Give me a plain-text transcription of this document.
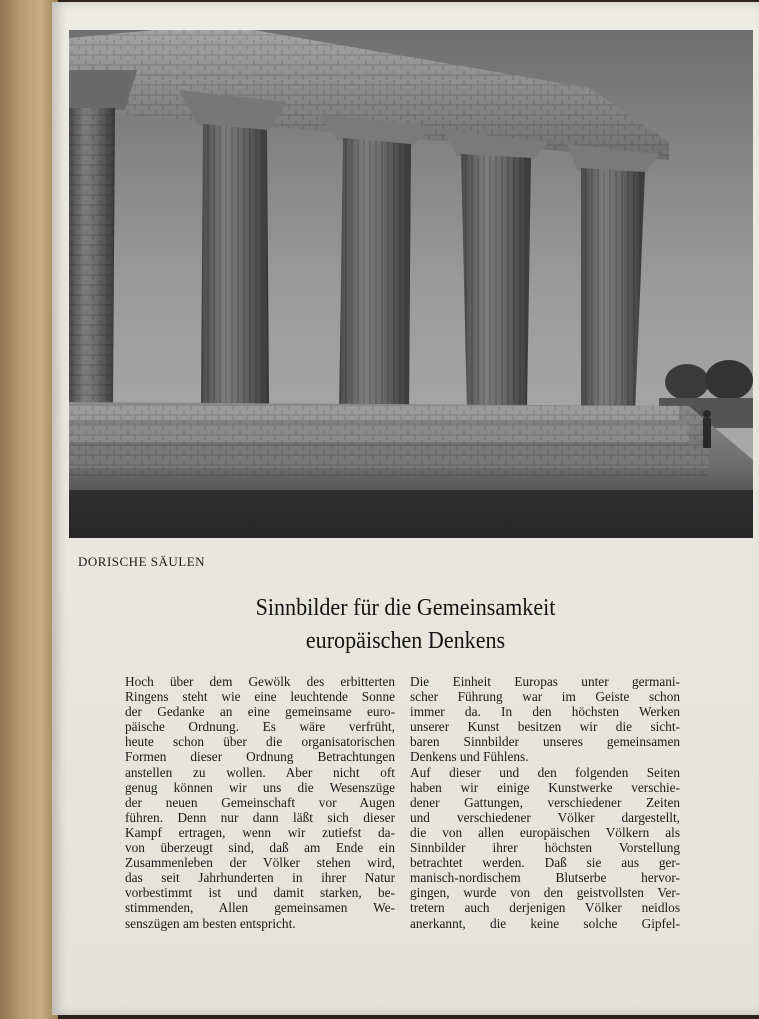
DORISCHE SÄULEN

Sinnbilder für die Gemeinsamkeit
europäischen Denkens

Hoch über dem Gewölk des erbitterten
Ringens steht wie eine leuchtende Sonne
der Gedanke an eine gemeinsame euro-
päische Ordnung. Es wäre verfrüht,
heute schon über die organisatorischen
Formen dieser Ordnung Betrachtungen
anstellen zu wollen. Aber nicht oft
genug können wir uns die Wesenszüge
der neuen Gemeinschaft vor Augen
führen. Denn nur dann läßt sich dieser
Kampf ertragen, wenn wir zutiefst da-
von überzeugt sind, daß am Ende ein
Zusammenleben der Völker stehen wird,
das seit Jahrhunderten in ihrer Natur
vorbestimmt ist und damit starken, be-
stimmenden, Allen gemeinsamen We-
senszügen am besten entspricht.

Die Einheit Europas unter germani-
scher Führung war im Geiste schon
immer da. In den höchsten Werken
unserer Kunst besitzen wir die sicht-
baren Sinnbilder unseres gemeinsamen
Denkens und Fühlens.

Auf dieser und den folgenden Seiten
haben wir einige Kunstwerke verschie-
dener Gattungen, verschiedener Zeiten
und verschiedener Völker dargestellt,
die von allen europäischen Völkern als
Sinnbilder ihrer höchsten Vorstellung
betrachtet werden. Daß sie aus ger-
manisch-nordischem Blutserbe hervor-
gingen, wurde von den geistvollsten Ver-
tretern auch derjenigen Völker neidlos
anerkannt, die keine solche Gipfel-
